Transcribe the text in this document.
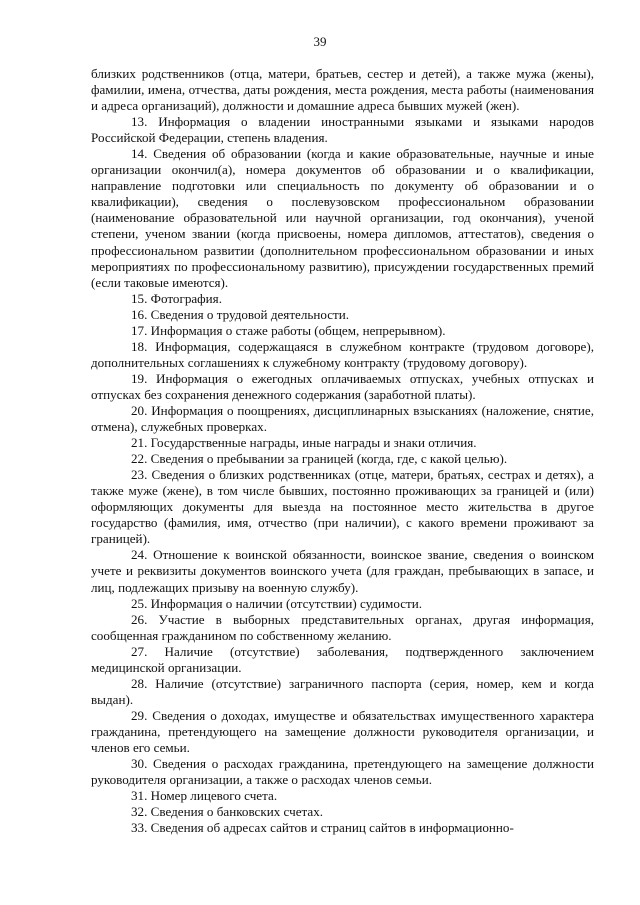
39

близких родственников (отца, матери, братьев, сестер и детей), а также мужа (жены), фамилии, имена, отчества, даты рождения, места рождения, места работы (наименования и адреса организаций), должности и домашние адреса бывших мужей (жен).

13. Информация о владении иностранными языками и языками народов Российской Федерации, степень владения.

14. Сведения об образовании (когда и какие образовательные, научные и иные организации окончил(а), номера документов об образовании и о квалификации, направление подготовки или специальность по документу об образовании и о квалификации), сведения о послевузовском профессиональном образовании (наименование образовательной или научной организации, год окончания), ученой степени, ученом звании (когда присвоены, номера дипломов, аттестатов), сведения о профессиональном развитии (дополнительном профессиональном образовании и иных мероприятиях по профессиональному развитию), присуждении государственных премий (если таковые имеются).

15. Фотография.

16. Сведения о трудовой деятельности.

17. Информация о стаже работы (общем, непрерывном).

18. Информация, содержащаяся в служебном контракте (трудовом договоре), дополнительных соглашениях к служебному контракту (трудовому договору).

19. Информация о ежегодных оплачиваемых отпусках, учебных отпусках и отпусках без сохранения денежного содержания (заработной платы).

20. Информация о поощрениях, дисциплинарных взысканиях (наложение, снятие, отмена), служебных проверках.

21. Государственные награды, иные награды и знаки отличия.

22. Сведения о пребывании за границей (когда, где, с какой целью).

23. Сведения о близких родственниках (отце, матери, братьях, сестрах и детях), а также муже (жене), в том числе бывших, постоянно проживающих за границей и (или) оформляющих документы для выезда на постоянное место жительства в другое государство (фамилия, имя, отчество (при наличии), с какого времени проживают за границей).

24. Отношение к воинской обязанности, воинское звание, сведения о воинском учете и реквизиты документов воинского учета (для граждан, пребывающих в запасе, и лиц, подлежащих призыву на военную службу).

25. Информация о наличии (отсутствии) судимости.

26. Участие в выборных представительных органах, другая информация, сообщенная гражданином по собственному желанию.

27. Наличие (отсутствие) заболевания, подтвержденного заключением медицинской организации.

28. Наличие (отсутствие) заграничного паспорта (серия, номер, кем и когда выдан).

29. Сведения о доходах, имуществе и обязательствах имущественного характера гражданина, претендующего на замещение должности руководителя организации, и членов его семьи.

30. Сведения о расходах гражданина, претендующего на замещение должности руководителя организации, а также о расходах членов семьи.

31. Номер лицевого счета.

32. Сведения о банковских счетах.

33. Сведения об адресах сайтов и страниц сайтов в информационно-
